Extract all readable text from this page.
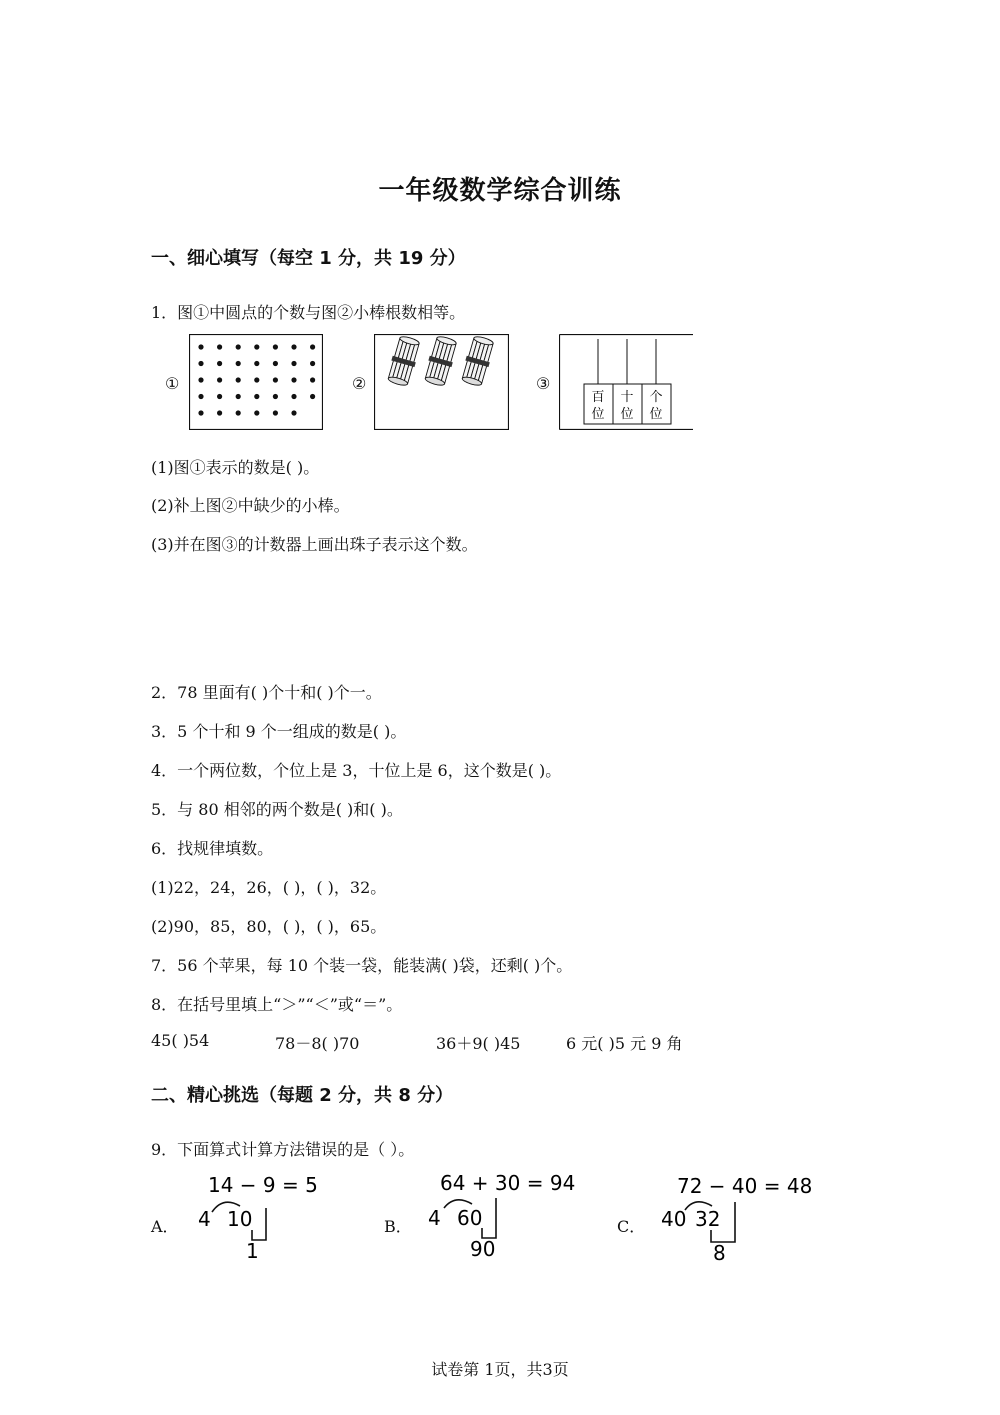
一年级数学综合训练
一、细心填写（每空 1 分，共 19 分）
1．图①中圆点的个数与图②小棒根数相等。
①	②	③
百
位
十
位
个
位
(1)图①表示的数是( )。
(2)补上图②中缺少的小棒。
(3)并在图③的计数器上画出珠子表示这个数。
2．78 里面有( )个十和( )个一。
3．5 个十和 9 个一组成的数是( )。
4．一个两位数，个位上是 3，十位上是 6，这个数是( )。
5．与 80 相邻的两个数是( )和( )。
6．找规律填数。
(1)22，24，26，( )，( )，32。
(2)90，85，80，( )，( )，65。
7．56 个苹果，每 10 个装一袋，能装满( )袋，还剩( )个。
8．在括号里填上“＞”“＜”或“＝”。
45( )54	78－8( )70	36＋9( )45	6 元( )5 元 9 角
二、精心挑选（每题 2 分，共 8 分）
9．下面算式计算方法错误的是（ ）。
A．
14 − 9 = 5
4 10
1
B．
64 + 30 = 94
4 60
90
C．
72 − 40 = 48
40 32
8
试卷第 1页，共3页
